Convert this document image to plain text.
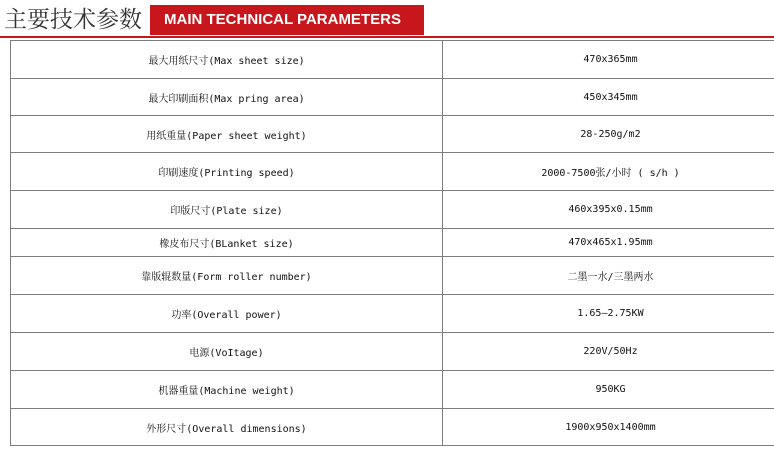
主要技术参数	MAIN TECHNICAL PARAMETERS
最大用纸尺寸(Max sheet size)	470x365mm
最大印刷面积(Max pring area)	450x345mm
用纸重量(Paper sheet weight)	28-250g/m2
印刷速度(Printing speed)	2000-7500张/小时 ( s/h )
印版尺寸(Plate size)	460x395x0.15mm
橡皮布尺寸(BLanket size)	470x465x1.95mm
靠版辊数量(Form roller number)	二墨一水/三墨两水
功率(Overall power)	1.65—2.75KW
电源(VoItage)	220V/50Hz
机器重量(Machine weight)	950KG
外形尺寸(Overall dimensions)	1900x950x1400mm
